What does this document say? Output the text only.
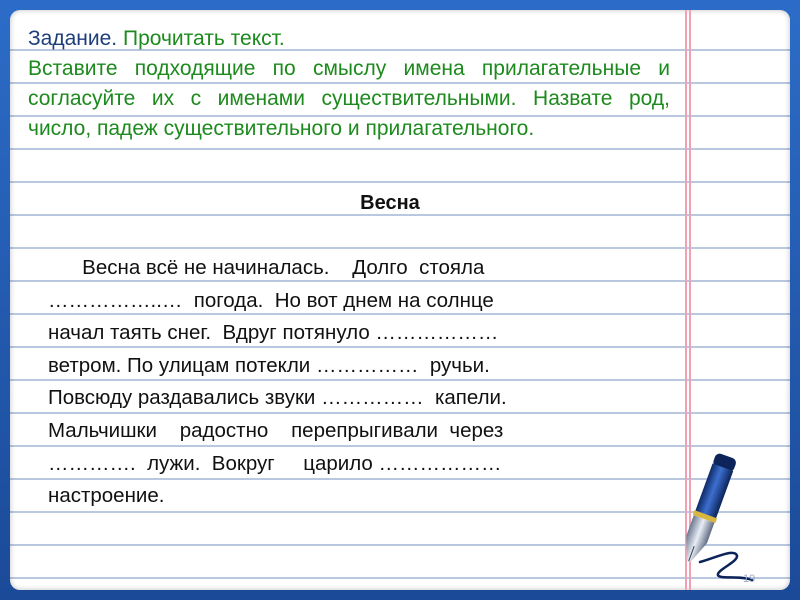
Задание. Прочитать текст.

Вставите подходящие по смыслу имена прилагательные и согласуйте их с именами существительными. Назвате род, число, падеж существительного и прилагательного.

Весна

Весна всё не начиналась.    Долго  стояла

……………..…  погода.  Но вот днем на солнце

начал таять снег.  Вдруг потянуло ………………

ветром. По улицам потекли ……………  ручьи.

Повсюду раздавались звуки ……………  капели.

Мальчишки    радостно    перепрыгивали  через

………….  лужи.  Вокруг     царило ………………

настроение.

19
